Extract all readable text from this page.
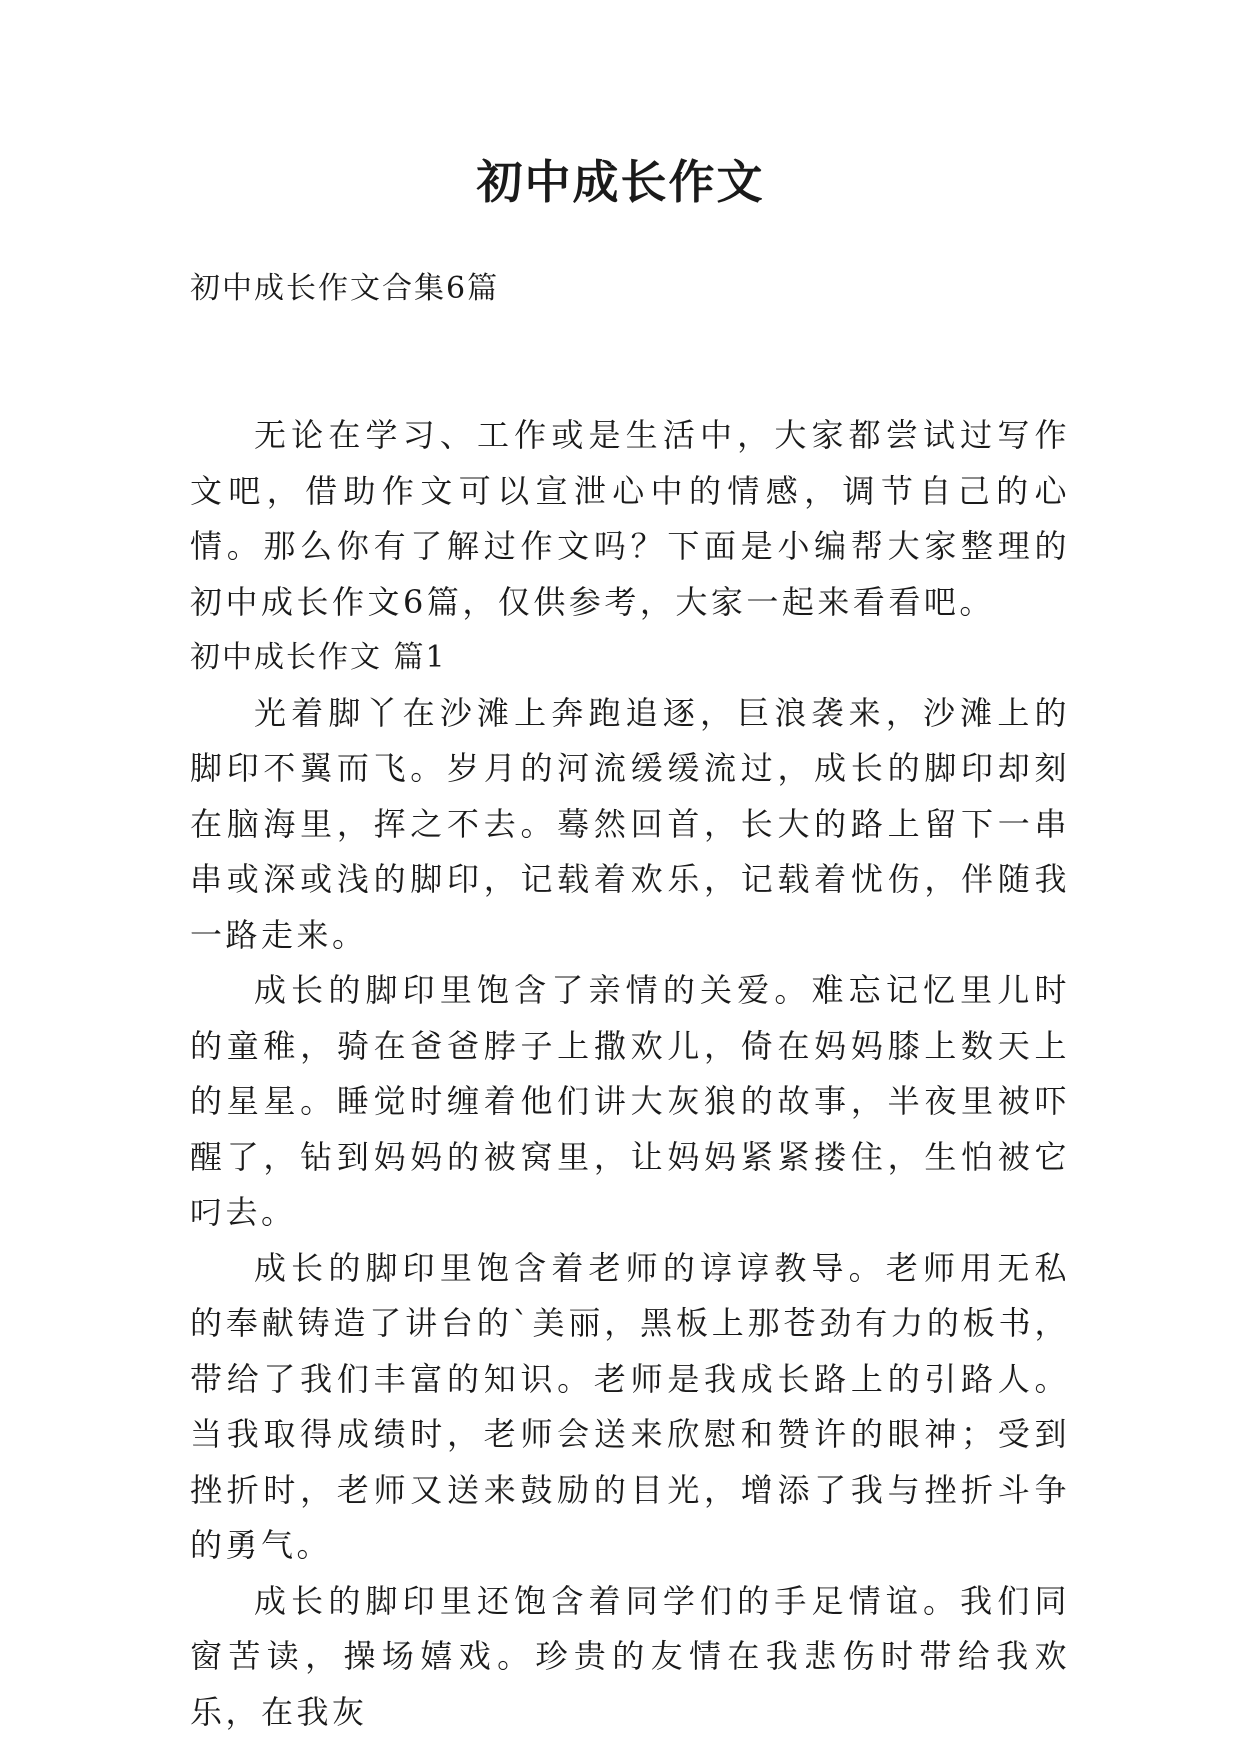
初中成长作文
初中成长作文合集6篇

无论在学习、工作或是生活中，大家都尝试过写作文吧，借助作文可以宣泄心中的情感，调节自己的心情。那么你有了解过作文吗？下面是小编帮大家整理的初中成长作文6篇，仅供参考，大家一起来看看吧。

初中成长作文 篇1

光着脚丫在沙滩上奔跑追逐，巨浪袭来，沙滩上的脚印不翼而飞。岁月的河流缓缓流过，成长的脚印却刻在脑海里，挥之不去。蓦然回首，长大的路上留下一串串或深或浅的脚印，记载着欢乐，记载着忧伤，伴随我一路走来。

成长的脚印里饱含了亲情的关爱。难忘记忆里儿时的童稚，骑在爸爸脖子上撒欢儿，倚在妈妈膝上数天上的星星。睡觉时缠着他们讲大灰狼的故事，半夜里被吓醒了，钻到妈妈的被窝里，让妈妈紧紧搂住，生怕被它叼去。

成长的脚印里饱含着老师的谆谆教导。老师用无私的奉献铸造了讲台的`美丽，黑板上那苍劲有力的板书，带给了我们丰富的知识。老师是我成长路上的引路人。当我取得成绩时，老师会送来欣慰和赞许的眼神；受到挫折时，老师又送来鼓励的目光，增添了我与挫折斗争的勇气。

成长的脚印里还饱含着同学们的手足情谊。我们同窗苦读，操场嬉戏。珍贵的友情在我悲伤时带给我欢乐，在我灰
